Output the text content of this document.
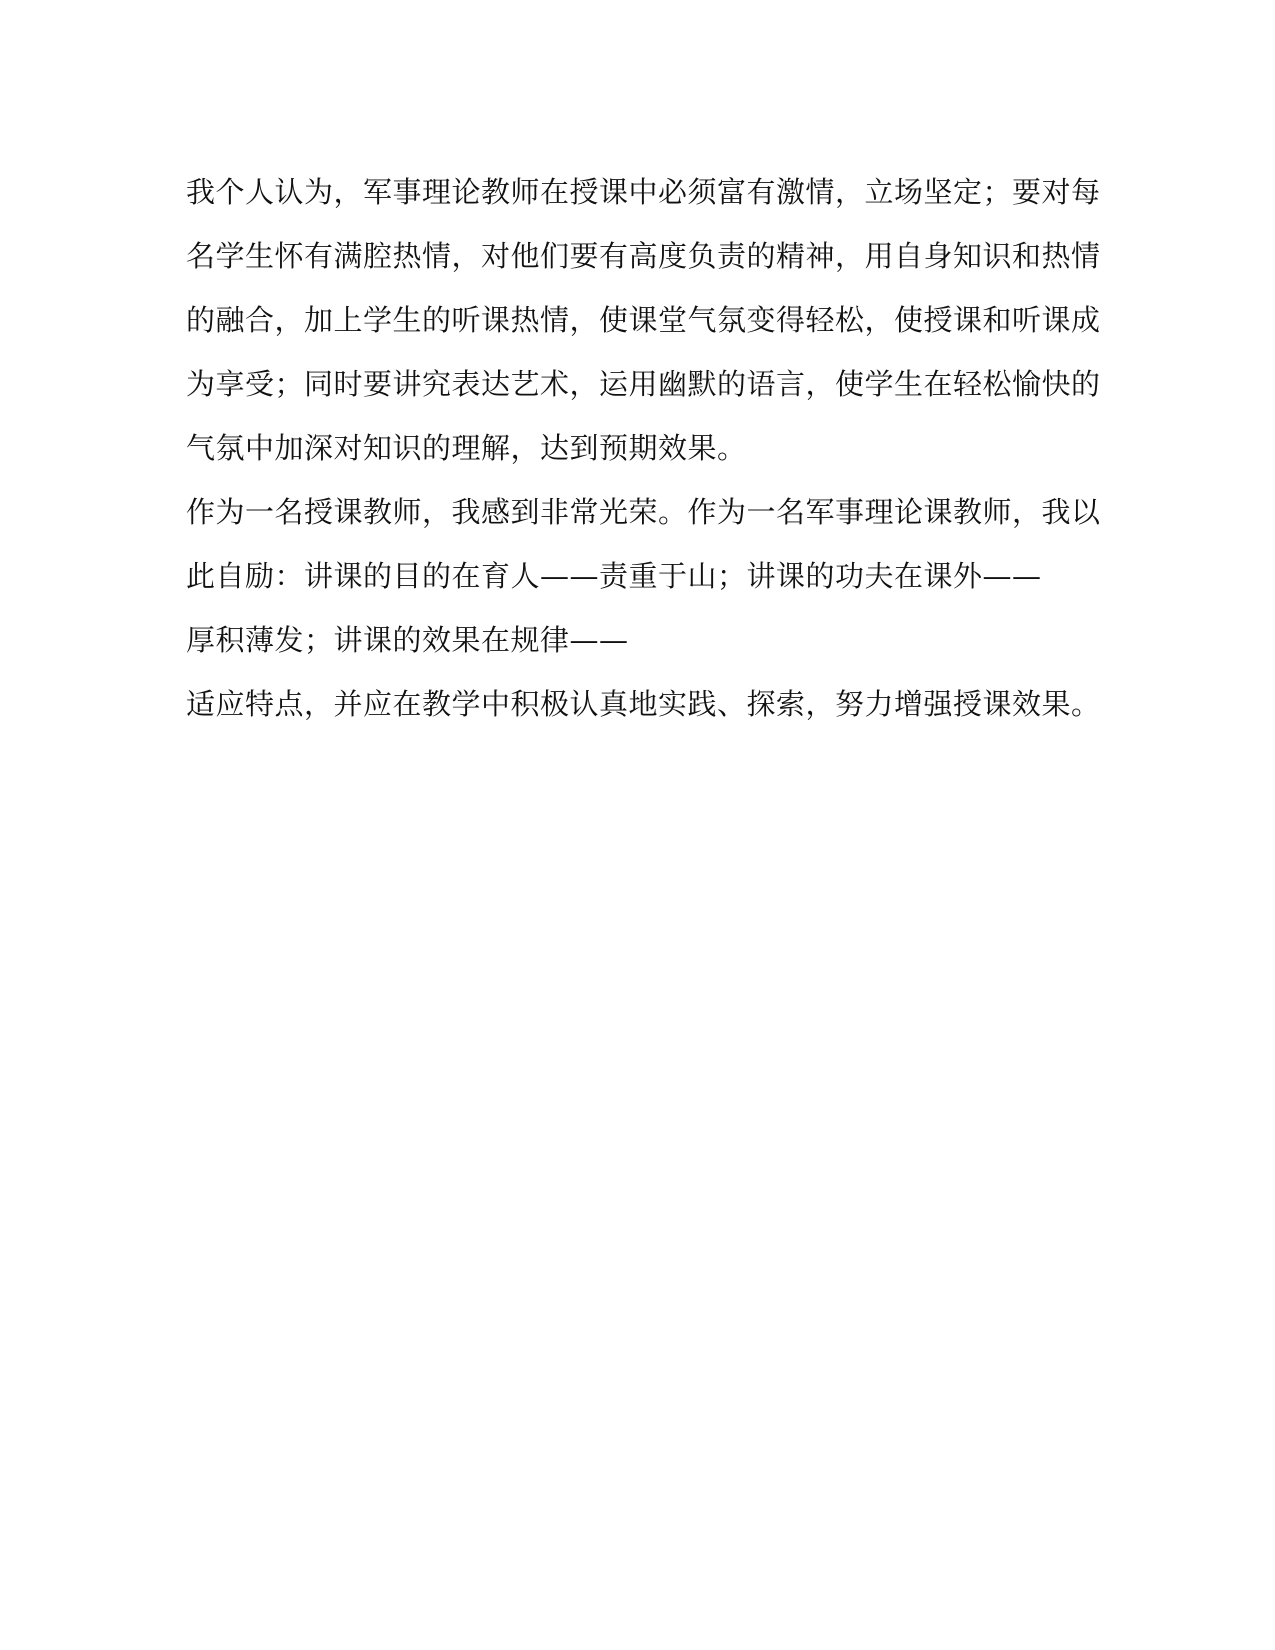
我个人认为，军事理论教师在授课中必须富有激情，立场坚定；要对每
名学生怀有满腔热情，对他们要有高度负责的精神，用自身知识和热情
的融合，加上学生的听课热情，使课堂气氛变得轻松，使授课和听课成
为享受；同时要讲究表达艺术，运用幽默的语言，使学生在轻松愉快的
气氛中加深对知识的理解，达到预期效果。
作为一名授课教师，我感到非常光荣。作为一名军事理论课教师，我以
此自励：讲课的目的在育人——责重于山；讲课的功夫在课外——
厚积薄发；讲课的效果在规律——
适应特点，并应在教学中积极认真地实践、探索，努力增强授课效果。
